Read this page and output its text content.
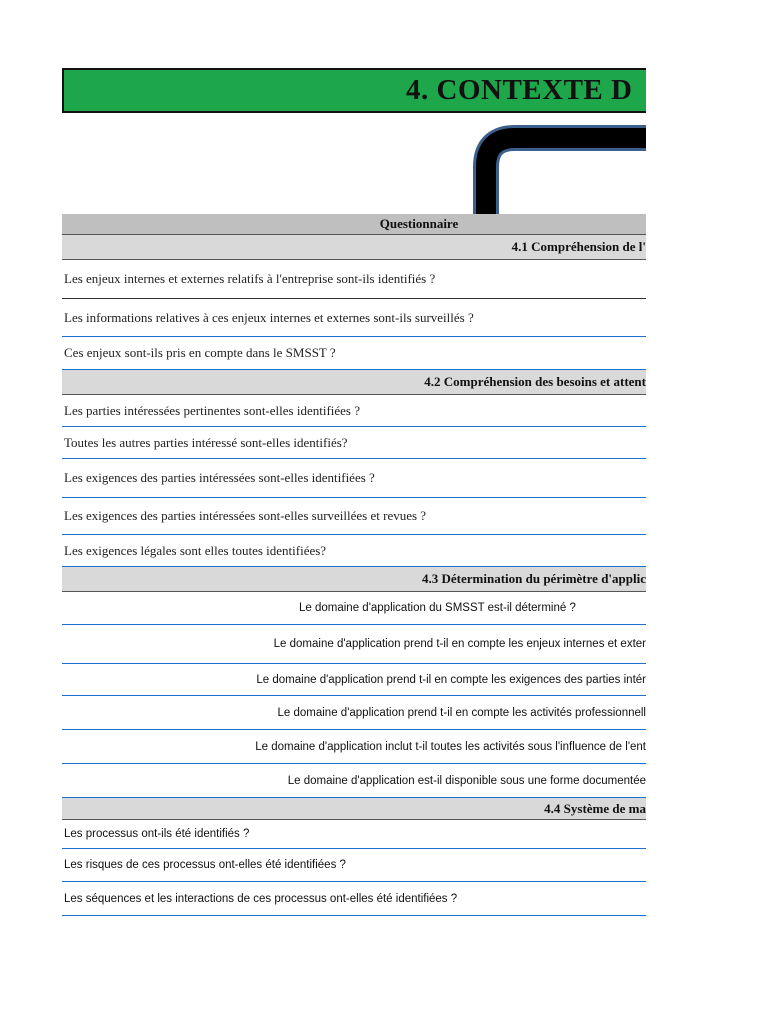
4. CONTEXTE D
Questionnaire
4.1 Compréhension de l'
Les enjeux internes et externes relatifs à l'entreprise sont-ils identifiés ?
Les informations relatives à ces enjeux internes et externes sont-ils surveillés ?
Ces enjeux sont-ils pris en compte dans le SMSST ?
4.2 Compréhension des besoins et attent
Les parties intéressées pertinentes sont-elles identifiées ?
Toutes les autres parties intéressé sont-elles identifiés?
Les exigences des parties intéressées sont-elles identifiées ?
Les exigences des parties intéressées sont-elles surveillées et revues ?
Les exigences légales sont elles toutes identifiées?
4.3 Détermination du périmètre d'applic
Le domaine d'application du SMSST est-il déterminé ?
Le domaine d'application prend t-il en compte les enjeux internes et exter
Le domaine d'application prend t-il en compte les exigences des parties intér
Le domaine d'application prend t-il en compte les activités professionnell
Le domaine d'application inclut t-il toutes les activités sous l'influence de l'ent
Le domaine d'application est-il disponible sous une forme documentée
4.4 Système de ma
Les processus ont-ils été identifiés ?
Les risques de ces processus ont-elles été identifiées ?
Les séquences et les interactions de ces processus ont-elles été identifiées ?
